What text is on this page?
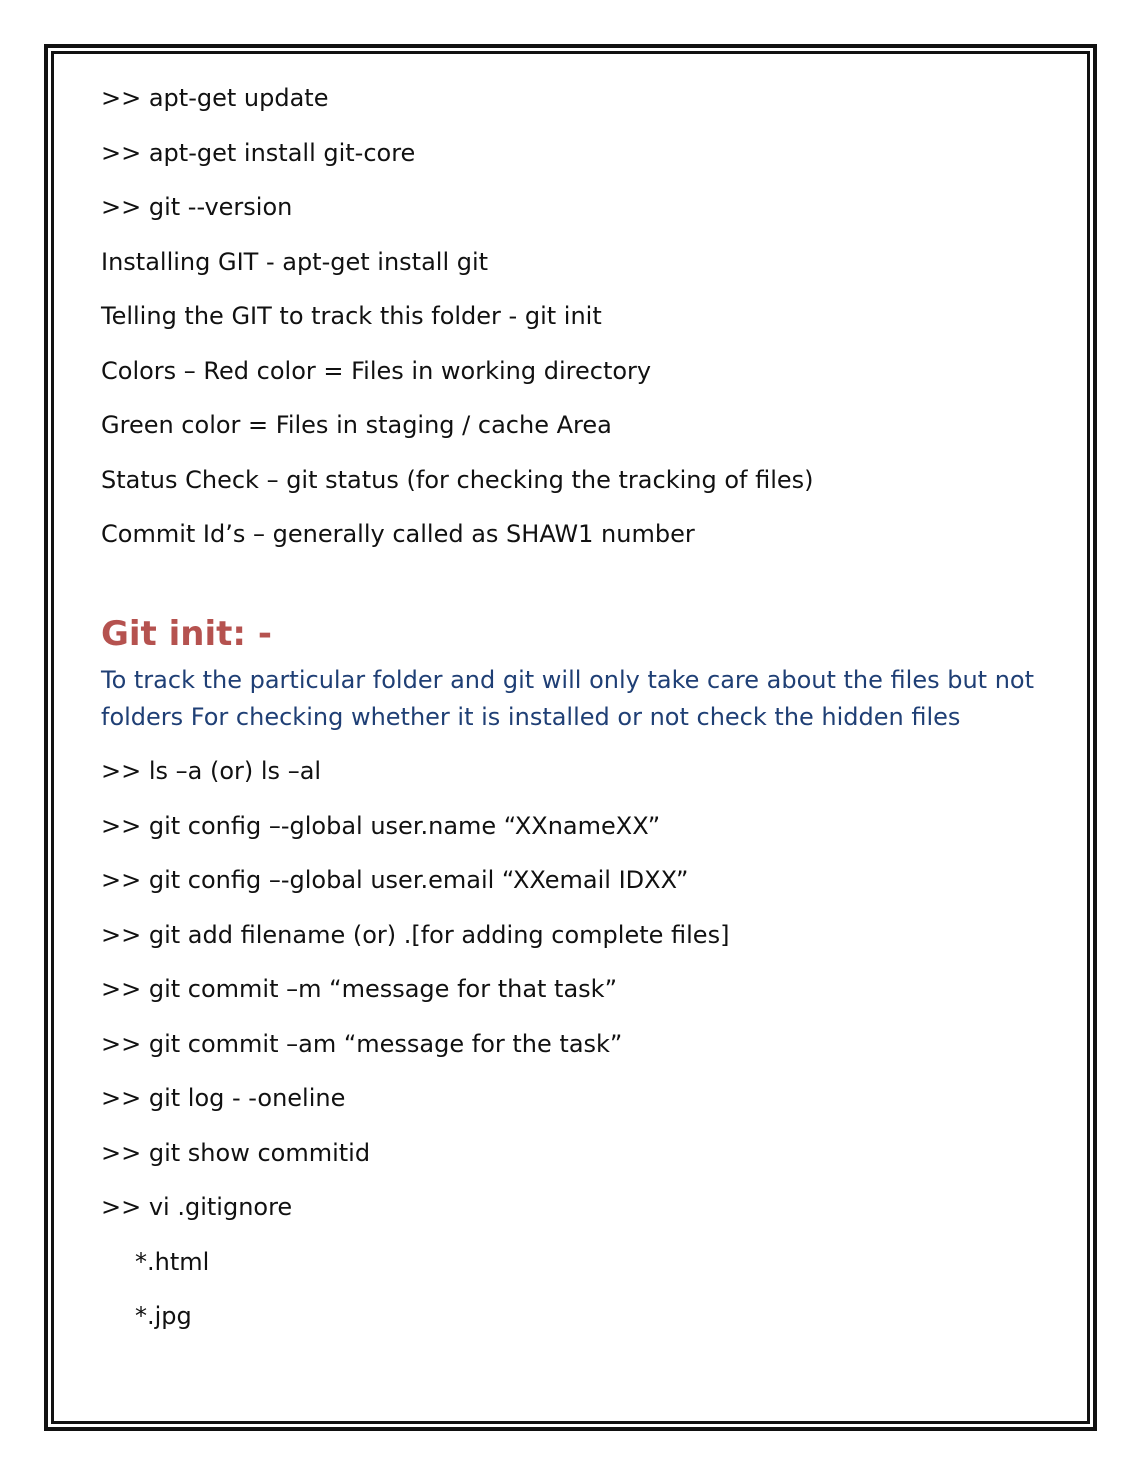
>> apt-get update

>> apt-get install git-core

>> git --version

Installing GIT - apt-get install git

Telling the GIT to track this folder - git init

Colors – Red color = Files in working directory

Green color = Files in staging / cache Area

Status Check – git status (for checking the tracking of files)

Commit Id’s – generally called as SHAW1 number

Git init: -
To track the particular folder and git will only take care about the files but not
folders For checking whether it is installed or not check the hidden files

>> ls –a (or) ls –al

>> git config –-global user.name “XXnameXX”

>> git config –-global user.email “XXemail IDXX”

>> git add filename (or) .[for adding complete files]

>> git commit –m “message for that task”

>> git commit –am “message for the task”

>> git log - -oneline

>> git show commitid

>> vi .gitignore

*.html

*.jpg
